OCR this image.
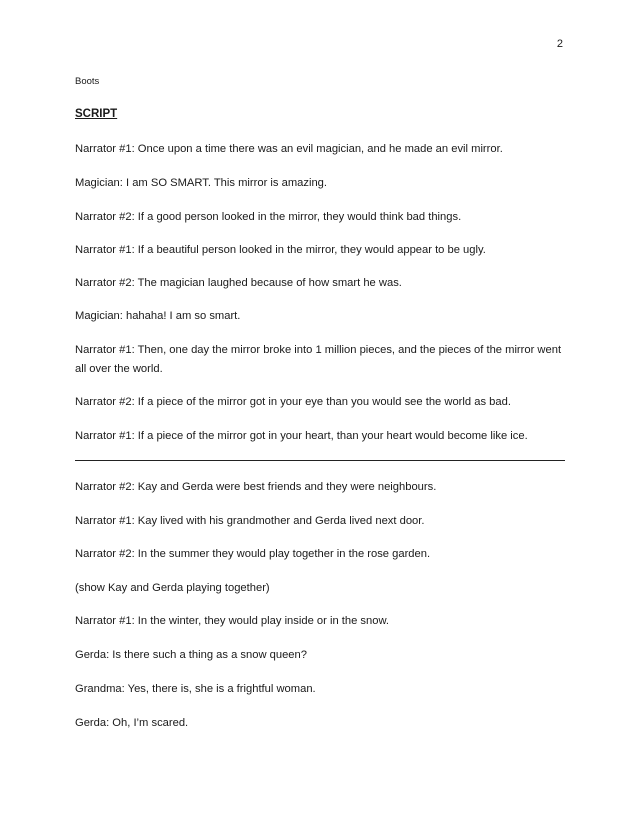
2
Boots
SCRIPT
Narrator #1: Once upon a time there was an evil magician, and he made an evil mirror.
Magician: I am SO SMART. This mirror is amazing.
Narrator #2: If a good person looked in the mirror, they would think bad things.
Narrator #1: If a beautiful person looked in the mirror, they would appear to be ugly.
Narrator #2: The magician laughed because of how smart he was.
Magician: hahaha! I am so smart.
Narrator #1: Then, one day the mirror broke into 1 million pieces, and the pieces of the mirror went all over the world.
Narrator #2: If a piece of the mirror got in your eye than you would see the world as bad.
Narrator #1: If a piece of the mirror got in your heart, than your heart would become like ice.
Narrator #2: Kay and Gerda were best friends and they were neighbours.
Narrator #1: Kay lived with his grandmother and Gerda lived next door.
Narrator #2: In the summer they would play together in the rose garden.
(show Kay and Gerda playing together)
Narrator #1: In the winter, they would play inside or in the snow.
Gerda: Is there such a thing as a snow queen?
Grandma: Yes, there is, she is a frightful woman.
Gerda: Oh, I’m scared.
